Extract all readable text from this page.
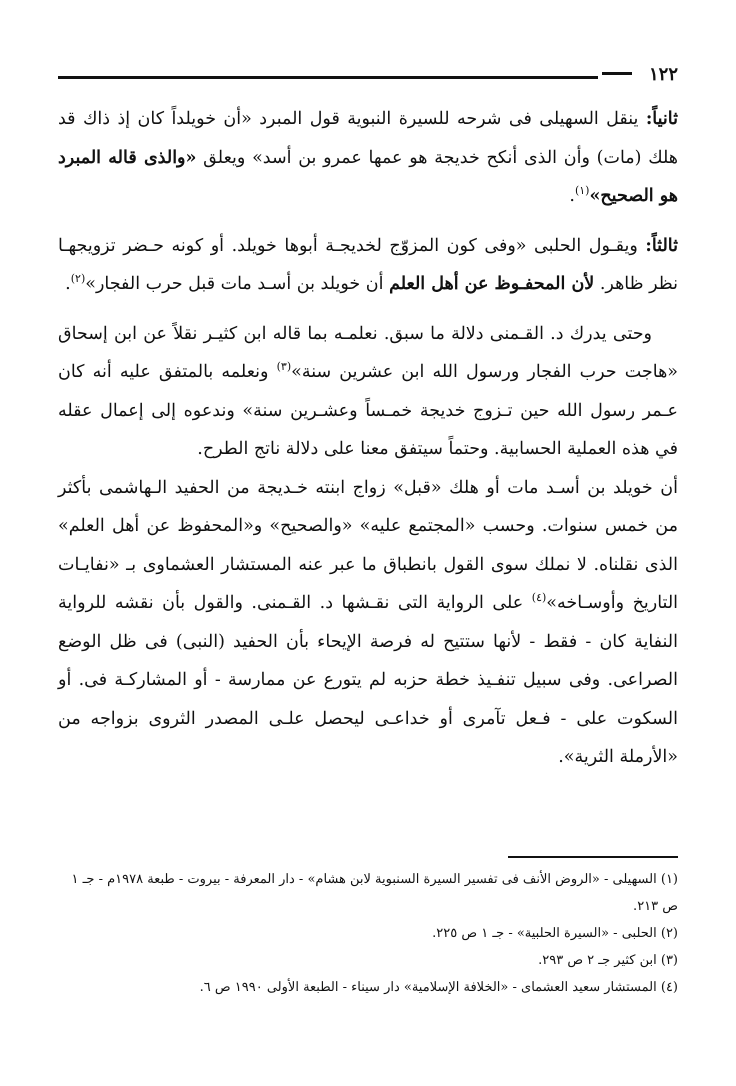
١٢٢

ثانياً: ينقل السهيلى فى شرحه للسيرة النبوية قول المبرد «أن خويلداً كان إذ ذاك قد هلك (مات) وأن الذى أنكح خديجة هو عمها عمرو بن أسد» ويعلق «والذى قاله المبرد هو الصحيح»$^{(١)}$.

ثالثاً: ويقـول الحلبى «وفى كون المزوّج لخديجـة أبوها خويلد. أو كونه حـضر تزويجهـا نظر ظاهر. لأن المحفـوظ عن أهل العلم أن خويلد بن أسـد مات قبل حرب الفجار»$^{(٢)}$.

وحتى يدرك د. القـمنى دلالة ما سبق. نعلمـه بما قاله ابن كثيـر نقلاً عن ابن إسحاق «هاجت حرب الفجار ورسول الله ابن عشرين سنة»$^{(٣)}$ ونعلمه بالمتفق عليه أنه كان عـمر رسول الله حين تـزوج خديجة خمـساً وعشـرين سنة» وندعوه إلى إعمال عقله في هذه العملية الحسابية. وحتماً سيتفق معنا على دلالة ناتج الطرح.

أن خويلد بن أسـد مات أو هلك «قبل» زواج ابنته خـديجة من الحفيد الـهاشمى بأكثر من خمس سنوات. وحسب «المجتمع عليه» «والصحيح» و«المحفوظ عن أهل العلم» الذى نقلناه. لا نملك سوى القول بانطباق ما عبر عنه المستشار العشماوى بـ «نفايـات التاريخ وأوسـاخه»$^{(٤)}$ على الرواية التى نقـشها د. القـمنى. والقول بأن نقشه للرواية النفاية كان - فقط - لأنها ستتيح له فرصة الإيحاء بأن الحفيد (النبى) فى ظل الوضع الصراعى. وفى سبيل تنفـيذ خطة حزبه لم يتورع عن ممارسة - أو المشاركـة فى. أو السكوت على - فـعل تآمرى أو خداعـى ليحصل علـى المصدر الثروى بزواجه من «الأرملة الثرية».

(١) السهيلى - «الروض الأنف فى تفسير السيرة السنبوية لابن هشام» - دار المعرفة - بيروت - طبعة ١٩٧٨م - جـ ١ ص ٢١٣.

(٢) الحلبى - «السيرة الحلبية» - جـ ١ ص ٢٢٥.

(٣) ابن كثير جـ ٢ ص ٢٩٣.

(٤) المستشار سعيد العشماى - «الخلافة الإسلامية» دار سيناء - الطبعة الأولى ١٩٩٠ ص ٦.
